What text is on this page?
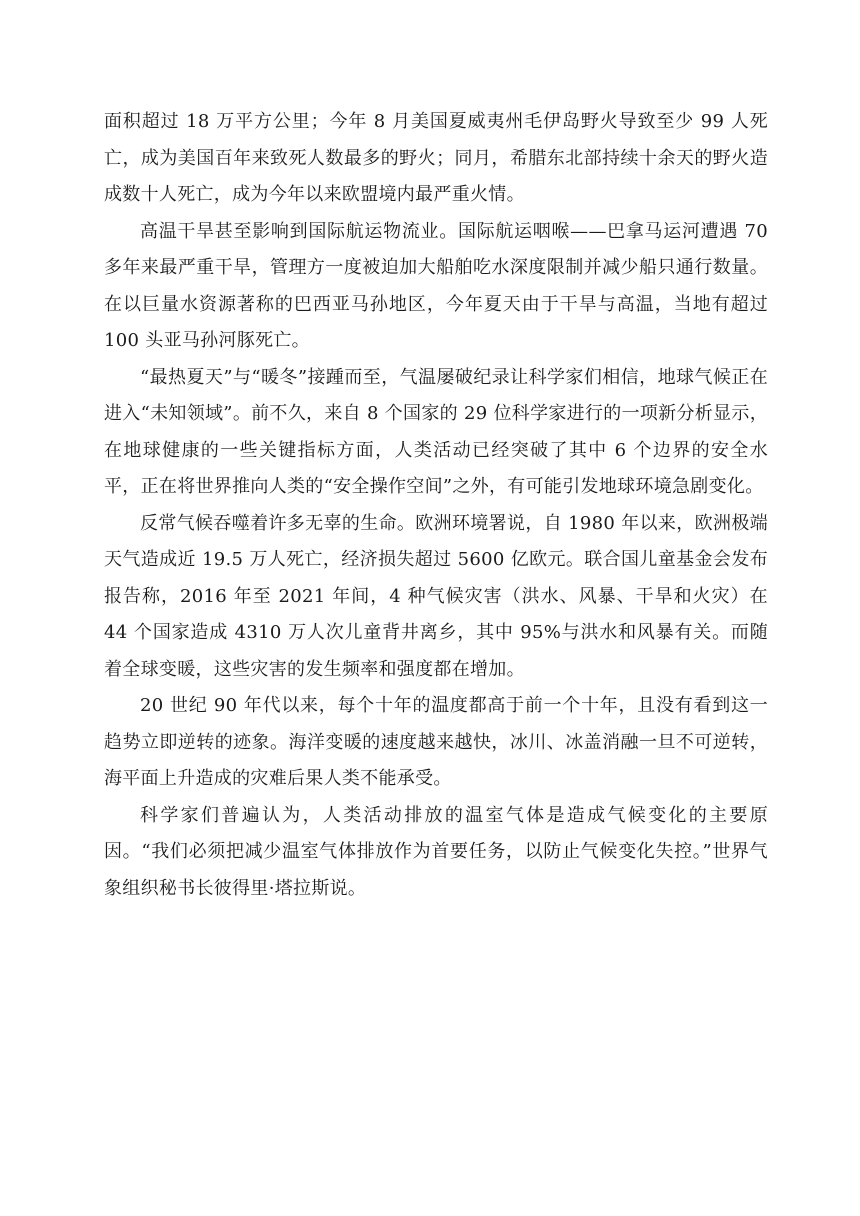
面积超过 18 万平方公里；今年 8 月美国夏威夷州毛伊岛野火导致至少 99 人死亡，成为美国百年来致死人数最多的野火；同月，希腊东北部持续十余天的野火造成数十人死亡，成为今年以来欧盟境内最严重火情。

高温干旱甚至影响到国际航运物流业。国际航运咽喉——巴拿马运河遭遇 70 多年来最严重干旱，管理方一度被迫加大船舶吃水深度限制并减少船只通行数量。在以巨量水资源著称的巴西亚马孙地区，今年夏天由于干旱与高温，当地有超过 100 头亚马孙河豚死亡。

“最热夏天”与“暖冬”接踵而至，气温屡破纪录让科学家们相信，地球气候正在进入“未知领域”。前不久，来自 8 个国家的 29 位科学家进行的一项新分析显示，在地球健康的一些关键指标方面，人类活动已经突破了其中 6 个边界的安全水平，正在将世界推向人类的“安全操作空间”之外，有可能引发地球环境急剧变化。

反常气候吞噬着许多无辜的生命。欧洲环境署说，自 1980 年以来，欧洲极端天气造成近 19.5 万人死亡，经济损失超过 5600 亿欧元。联合国儿童基金会发布报告称，2016 年至 2021 年间，4 种气候灾害（洪水、风暴、干旱和火灾）在 44 个国家造成 4310 万人次儿童背井离乡，其中 95%与洪水和风暴有关。而随着全球变暖，这些灾害的发生频率和强度都在增加。

20 世纪 90 年代以来，每个十年的温度都高于前一个十年，且没有看到这一趋势立即逆转的迹象。海洋变暖的速度越来越快，冰川、冰盖消融一旦不可逆转，海平面上升造成的灾难后果人类不能承受。

科学家们普遍认为，人类活动排放的温室气体是造成气候变化的主要原因。“我们必须把减少温室气体排放作为首要任务，以防止气候变化失控。”世界气象组织秘书长彼得里·塔拉斯说。
